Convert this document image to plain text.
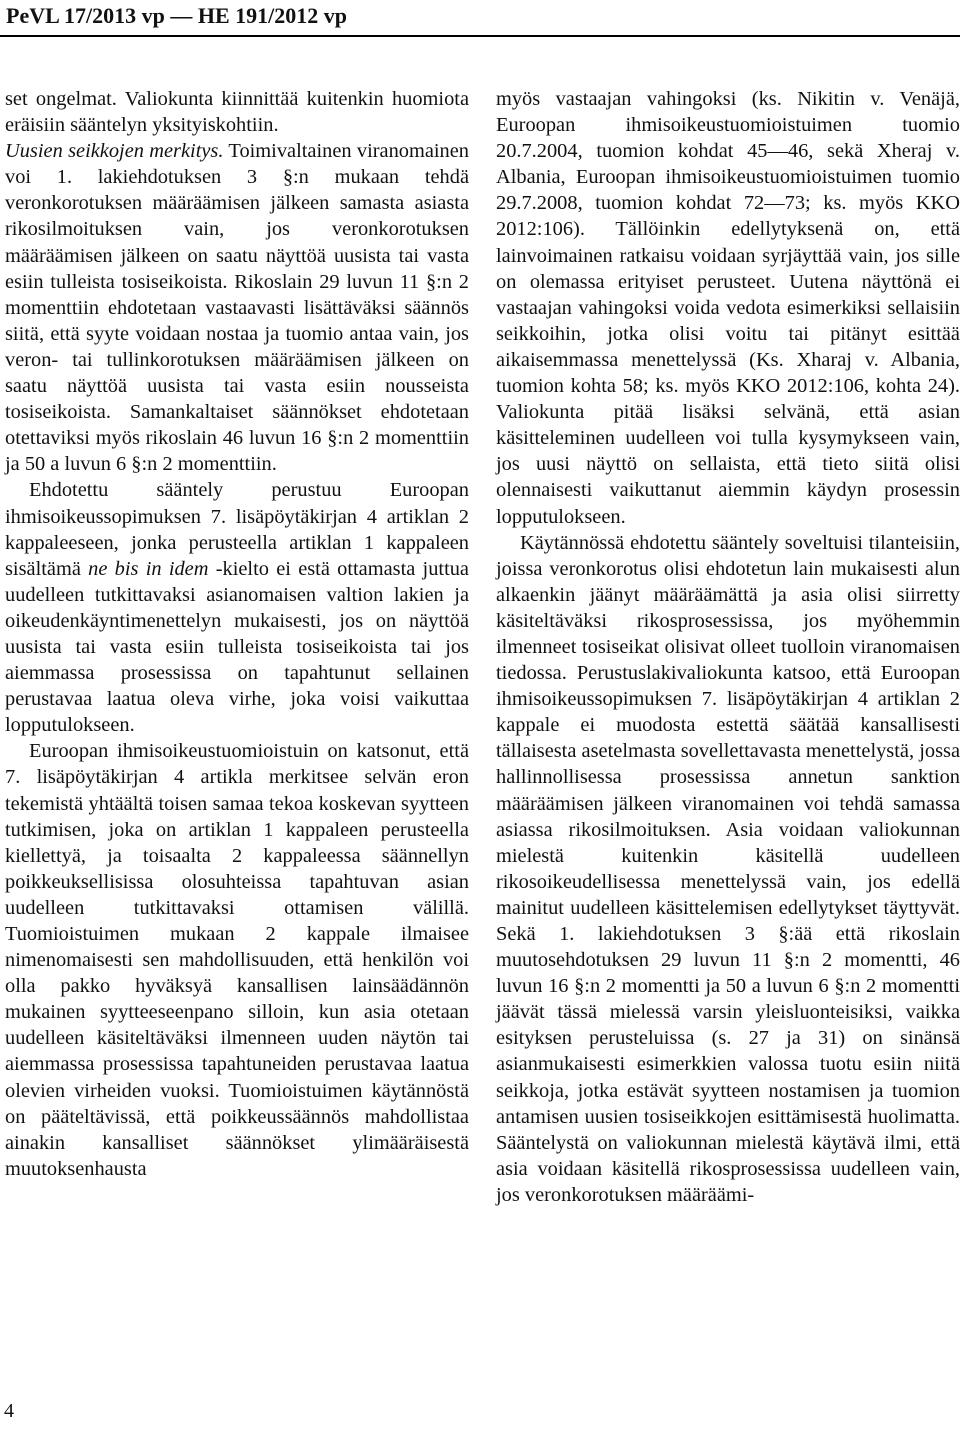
PeVL 17/2013 vp — HE 191/2012 vp

set ongelmat. Valiokunta kiinnittää kuitenkin huomiota eräisiin sääntelyn yksityiskohtiin.

Uusien seikkojen merkitys. Toimivaltainen viranomainen voi 1. lakiehdotuksen 3 §:n mukaan tehdä veronkorotuksen määräämisen jälkeen samasta asiasta rikosilmoituksen vain, jos veronkorotuksen määräämisen jälkeen on saatu näyttöä uusista tai vasta esiin tulleista tosiseikoista. Rikoslain 29 luvun 11 §:n 2 momenttiin ehdotetaan vastaavasti lisättäväksi säännös siitä, että syyte voidaan nostaa ja tuomio antaa vain, jos veron- tai tullinkorotuksen määräämisen jälkeen on saatu näyttöä uusista tai vasta esiin nousseista tosiseikoista. Samankaltaiset säännökset ehdotetaan otettaviksi myös rikoslain 46 luvun 16 §:n 2 momenttiin ja 50 a luvun 6 §:n 2 momenttiin.

Ehdotettu sääntely perustuu Euroopan ihmisoikeussopimuksen 7. lisäpöytäkirjan 4 artiklan 2 kappaleeseen, jonka perusteella artiklan 1 kappaleen sisältämä ne bis in idem -kielto ei estä ottamasta juttua uudelleen tutkittavaksi asianomaisen valtion lakien ja oikeudenkäyntimenettelyn mukaisesti, jos on näyttöä uusista tai vasta esiin tulleista tosiseikoista tai jos aiemmassa prosessissa on tapahtunut sellainen perustavaa laatua oleva virhe, joka voisi vaikuttaa lopputulokseen.

Euroopan ihmisoikeustuomioistuin on katsonut, että 7. lisäpöytäkirjan 4 artikla merkitsee selvän eron tekemistä yhtäältä toisen samaa tekoa koskevan syytteen tutkimisen, joka on artiklan 1 kappaleen perusteella kiellettyä, ja toisaalta 2 kappaleessa säännellyn poikkeuksellisissa olosuhteissa tapahtuvan asian uudelleen tutkittavaksi ottamisen välillä. Tuomioistuimen mukaan 2 kappale ilmaisee nimenomaisesti sen mahdollisuuden, että henkilön voi olla pakko hyväksyä kansallisen lainsäädännön mukainen syytteeseenpano silloin, kun asia otetaan uudelleen käsiteltäväksi ilmenneen uuden näytön tai aiemmassa prosessissa tapahtuneiden perustavaa laatua olevien virheiden vuoksi. Tuomioistuimen käytännöstä on pääteltävissä, että poikkeussäännös mahdollistaa ainakin kansalliset säännökset ylimääräisestä muutoksenhausta

myös vastaajan vahingoksi (ks. Nikitin v. Venäjä, Euroopan ihmisoikeustuomioistuimen tuomio 20.7.2004, tuomion kohdat 45—46, sekä Xheraj v. Albania, Euroopan ihmisoikeustuomioistuimen tuomio 29.7.2008, tuomion kohdat 72—73; ks. myös KKO 2012:106). Tällöinkin edellytyksenä on, että lainvoimainen ratkaisu voidaan syrjäyttää vain, jos sille on olemassa erityiset perusteet. Uutena näyttönä ei vastaajan vahingoksi voida vedota esimerkiksi sellaisiin seikkoihin, jotka olisi voitu tai pitänyt esittää aikaisemmassa menettelyssä (Ks. Xharaj v. Albania, tuomion kohta 58; ks. myös KKO 2012:106, kohta 24). Valiokunta pitää lisäksi selvänä, että asian käsitteleminen uudelleen voi tulla kysymykseen vain, jos uusi näyttö on sellaista, että tieto siitä olisi olennaisesti vaikuttanut aiemmin käydyn prosessin lopputulokseen.

Käytännössä ehdotettu sääntely soveltuisi tilanteisiin, joissa veronkorotus olisi ehdotetun lain mukaisesti alun alkaenkin jäänyt määräämättä ja asia olisi siirretty käsiteltäväksi rikosprosessissa, jos myöhemmin ilmenneet tosiseikat olisivat olleet tuolloin viranomaisen tiedossa. Perustuslakivaliokunta katsoo, että Euroopan ihmisoikeussopimuksen 7. lisäpöytäkirjan 4 artiklan 2 kappale ei muodosta estettä säätää kansallisesti tällaisesta asetelmasta sovellettavasta menettelystä, jossa hallinnollisessa prosessissa annetun sanktion määräämisen jälkeen viranomainen voi tehdä samassa asiassa rikosilmoituksen. Asia voidaan valiokunnan mielestä kuitenkin käsitellä uudelleen rikosoikeudellisessa menettelyssä vain, jos edellä mainitut uudelleen käsittelemisen edellytykset täyttyvät. Sekä 1. lakiehdotuksen 3 §:ää että rikoslain muutosehdotuksen 29 luvun 11 §:n 2 momentti, 46 luvun 16 §:n 2 momentti ja 50 a luvun 6 §:n 2 momentti jäävät tässä mielessä varsin yleisluonteisiksi, vaikka esityksen perusteluissa (s. 27 ja 31) on sinänsä asianmukaisesti esimerkkien valossa tuotu esiin niitä seikkoja, jotka estävät syytteen nostamisen ja tuomion antamisen uusien tosiseikkojen esittämisestä huolimatta. Sääntelystä on valiokunnan mielestä käytävä ilmi, että asia voidaan käsitellä rikosprosessissa uudelleen vain, jos veronkorotuksen määräämi-

4
